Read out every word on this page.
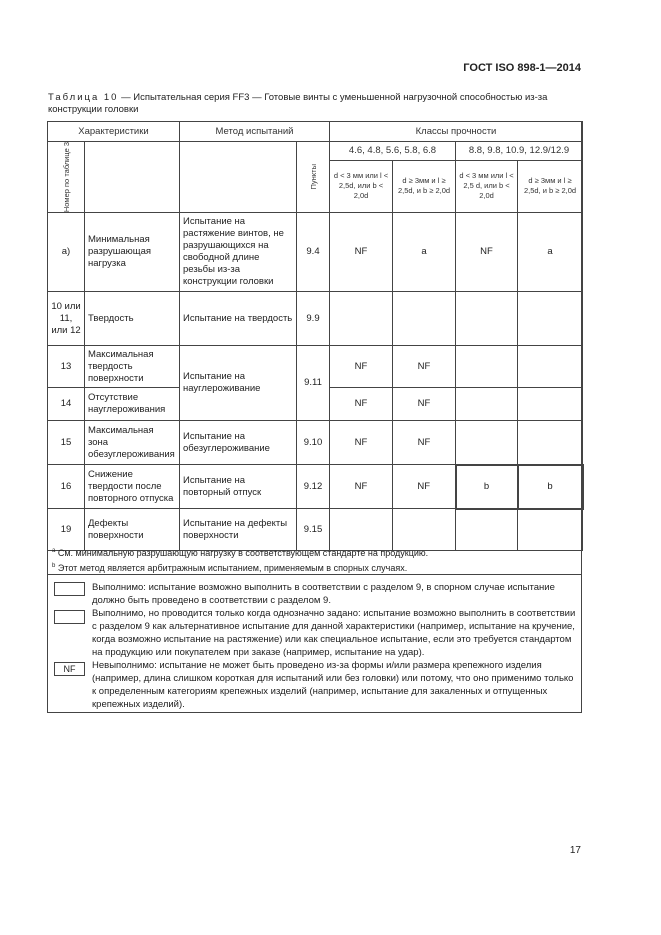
ГОСТ ISO 898-1—2014
Таблица 10 — Испытательная серия FF3 — Готовые винты с уменьшенной нагрузочной способностью из-за конструкции головки
Характеристики		Метод испытаний		Классы прочности			

Номер по таблице 3			Пункты	4.6, 4.8, 5.6, 5.8, 6.8		8.8, 9.8, 10.9, 12.9/12.9	

				d < 3 мм или l < 2,5d, или b < 2,0d	d ≥ 3мм и l ≥ 2,5d, и b ≥ 2,0d	d < 3 мм или l < 2,5 d, или b < 2,0d	d ≥ 3мм и l ≥ 2,5d, и b ≥ 2,0d

a)	Минимальная разрушающая нагрузка	Испытание на растяжение винтов, не разрушающихся на свободной длине резьбы из-за конструкции головки	9.4	NF	a	NF	a
10 или 11, или 12	Твердость	Испытание на твердость	9.9				
13	Максимальная твердость поверхности	Испытание на науглероживание	9.11	NF	NF		
14	Отсутствие науглероживания			NF	NF		
15	Максимальная зона обезуглероживания	Испытание на обезуглероживание	9.10	NF	NF		
16	Снижение твердости после повторного отпуска	Испытание на повторный отпуск	9.12	NF	NF	b	b
19	Дефекты поверхности	Испытание на дефекты поверхности	9.15				
$^a$ См. минимальную разрушающую нагрузку в соответствующем стандарте на продукцию.
$^b$ Этот метод является арбитражным испытанием, применяемым в спорных случаях.
Выполнимо: испытание возможно выполнить в соответствии с разделом 9, в спорном случае испытание должно быть проведено в соответствии с разделом 9.
Выполнимо, но проводится только когда однозначно задано: испытание возможно выполнить в соответствии с разделом 9 как альтернативное испытание для данной характеристики (например, испытание на кручение, когда возможно испытание на растяжение) или как специальное испытание, если это требуется стандартом на продукцию или покупателем при заказе (например, испытание на удар).
NF	Невыполнимо: испытание не может быть проведено из-за формы и/или размера крепежного изделия (например, длина слишком короткая для испытаний или без головки) или потому, что оно применимо только к определенным категориям крепежных изделий (например, испытание для закаленных и отпущенных крепежных изделий).
17
